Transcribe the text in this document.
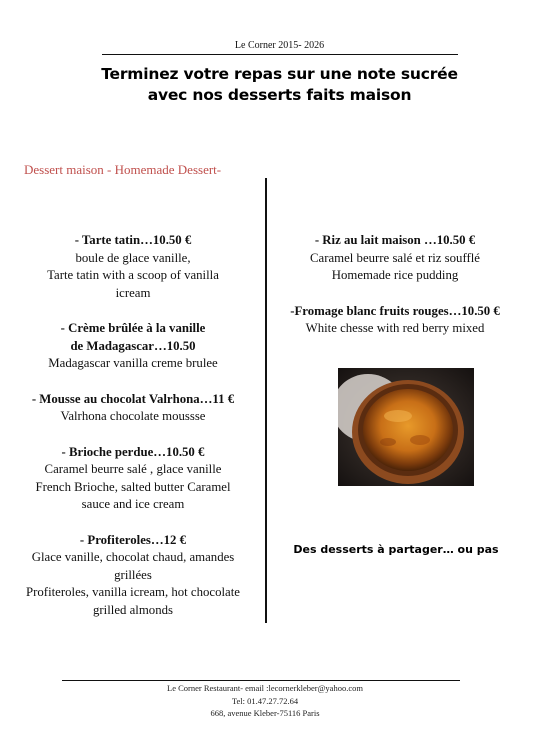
Le Corner 2015- 2026
Terminez votre repas sur une note sucrée
avec nos desserts faits maison
Dessert maison - Homemade Dessert-
- Tarte tatin…10.50 €
boule de glace vanille,
Tarte tatin with a scoop of vanilla
icream
- Crème brûlée à la vanille
de Madagascar…10.50
Madagascar vanilla creme brulee
- Mousse au chocolat Valrhona…11 €
Valrhona chocolate moussse
- Brioche perdue…10.50 €
Caramel beurre salé , glace vanille
French Brioche, salted butter Caramel
sauce and ice cream
- Profiteroles…12 €
Glace vanille, chocolat chaud, amandes
grillées
Profiteroles, vanilla icream, hot chocolate
grilled almonds
- Riz au lait maison …10.50 €
Caramel beurre salé et riz soufflé
Homemade rice pudding
-Fromage blanc fruits rouges…10.50 €
White chesse with red berry mixed
Des desserts à partager… ou pas
Le Corner Restaurant- email :lecornerkleber@yahoo.com
Tel: 01.47.27.72.64
668, avenue Kleber-75116 Paris
